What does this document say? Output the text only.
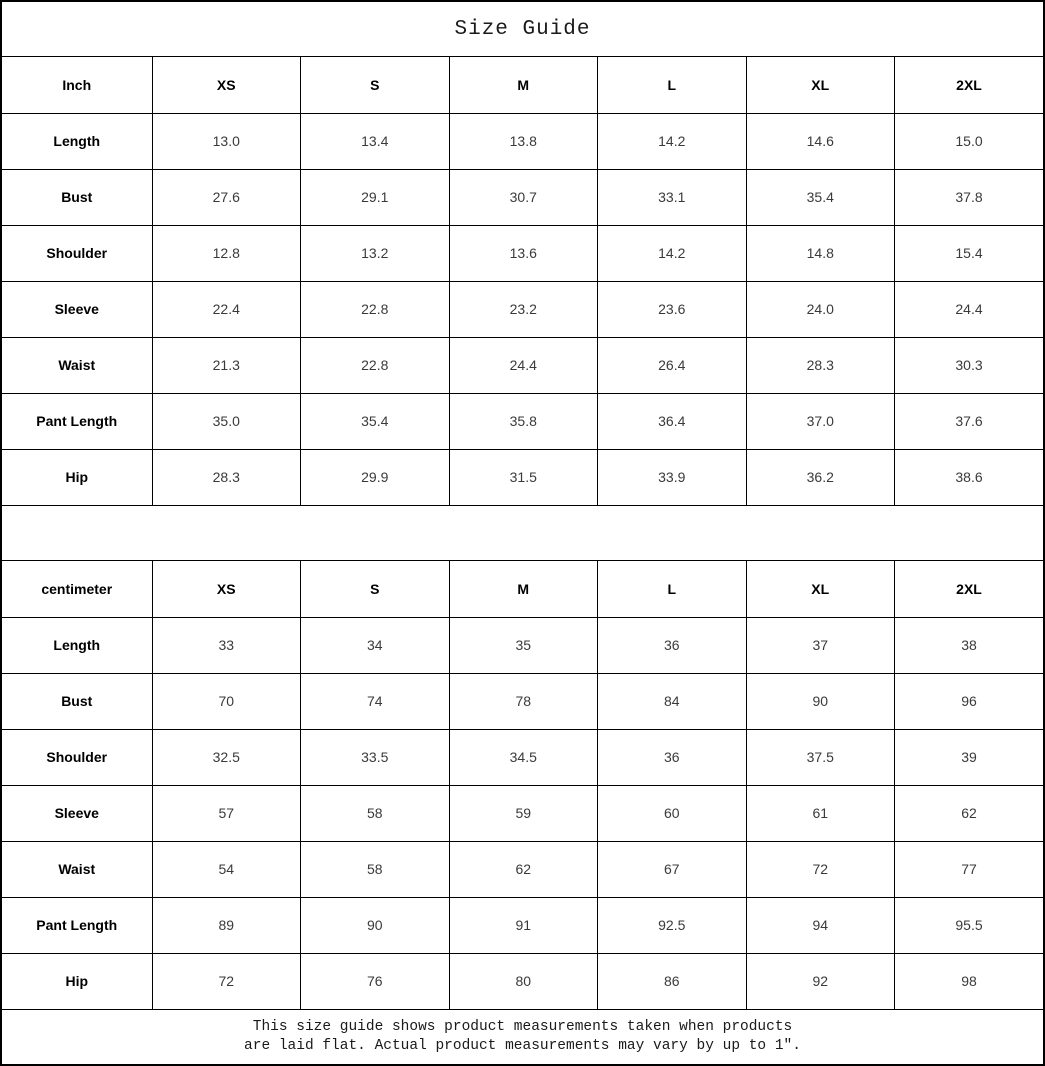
Size Guide
Inch	XS	S	M	L	XL	2XL
Length	13.0	13.4	13.8	14.2	14.6	15.0
Bust	27.6	29.1	30.7	33.1	35.4	37.8
Shoulder	12.8	13.2	13.6	14.2	14.8	15.4
Sleeve	22.4	22.8	23.2	23.6	24.0	24.4
Waist	21.3	22.8	24.4	26.4	28.3	30.3
Pant Length	35.0	35.4	35.8	36.4	37.0	37.6
Hip	28.3	29.9	31.5	33.9	36.2	38.6
centimeter	XS	S	M	L	XL	2XL
Length	33	34	35	36	37	38
Bust	70	74	78	84	90	96
Shoulder	32.5	33.5	34.5	36	37.5	39
Sleeve	57	58	59	60	61	62
Waist	54	58	62	67	72	77
Pant Length	89	90	91	92.5	94	95.5
Hip	72	76	80	86	92	98
This size guide shows product measurements taken when products
are laid flat. Actual product measurements may vary by up to 1″.
